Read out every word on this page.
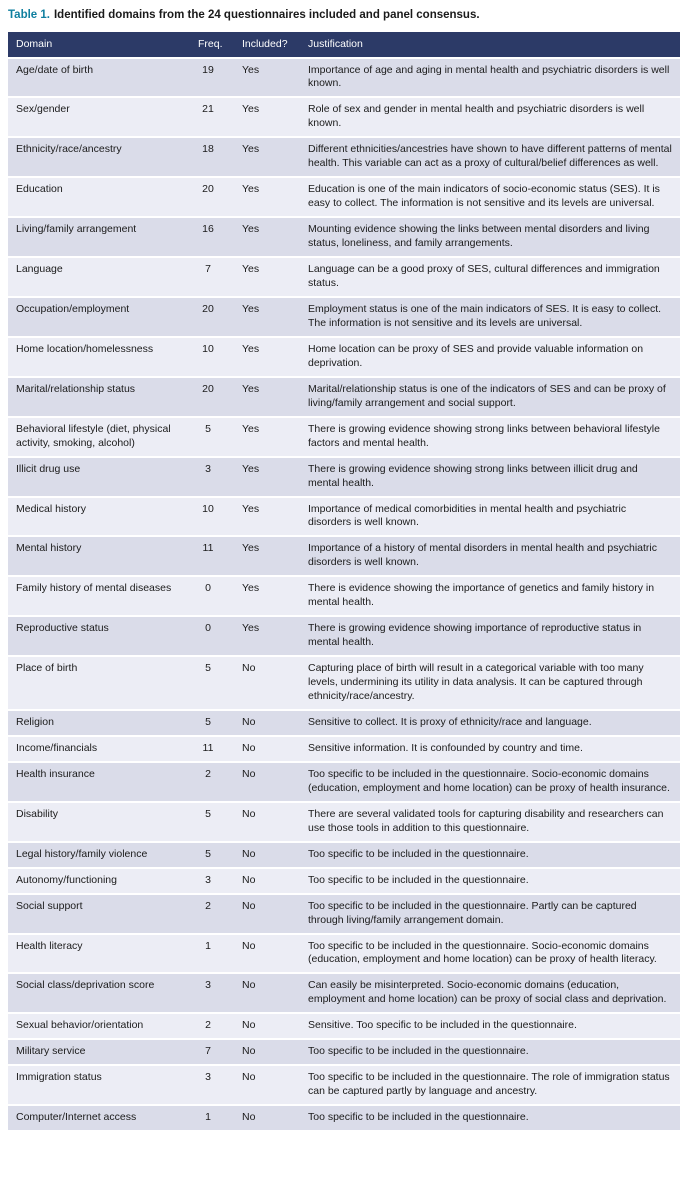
Table 1. Identified domains from the 24 questionnaires included and panel consensus.

Domain	Freq.	Included?	Justification
Age/date of birth	19	Yes	Importance of age and aging in mental health and psychiatric disorders is well known.
Sex/gender	21	Yes	Role of sex and gender in mental health and psychiatric disorders is well known.
Ethnicity/race/ancestry	18	Yes	Different ethnicities/ancestries have shown to have different patterns of mental health. This variable can act as a proxy of cultural/belief differences as well.
Education	20	Yes	Education is one of the main indicators of socio-economic status (SES). It is easy to collect. The information is not sensitive and its levels are universal.
Living/family arrangement	16	Yes	Mounting evidence showing the links between mental disorders and living status, loneliness, and family arrangements.
Language	7	Yes	Language can be a good proxy of SES, cultural differences and immigration status.
Occupation/employment	20	Yes	Employment status is one of the main indicators of SES. It is easy to collect. The information is not sensitive and its levels are universal.
Home location/homelessness	10	Yes	Home location can be proxy of SES and provide valuable information on deprivation.
Marital/relationship status	20	Yes	Marital/relationship status is one of the indicators of SES and can be proxy of living/family arrangement and social support.
Behavioral lifestyle (diet, physical activity, smoking, alcohol)	5	Yes	There is growing evidence showing strong links between behavioral lifestyle factors and mental health.
Illicit drug use	3	Yes	There is growing evidence showing strong links between illicit drug and mental health.
Medical history	10	Yes	Importance of medical comorbidities in mental health and psychiatric disorders is well known.
Mental history	11	Yes	Importance of a history of mental disorders in mental health and psychiatric disorders is well known.
Family history of mental diseases	0	Yes	There is evidence showing the importance of genetics and family history in mental health.
Reproductive status	0	Yes	There is growing evidence showing importance of reproductive status in mental health.
Place of birth	5	No	Capturing place of birth will result in a categorical variable with too many levels, undermining its utility in data analysis. It can be captured through ethnicity/race/ancestry.
Religion	5	No	Sensitive to collect. It is proxy of ethnicity/race and language.
Income/financials	11	No	Sensitive information. It is confounded by country and time.
Health insurance	2	No	Too specific to be included in the questionnaire. Socio-economic domains (education, employment and home location) can be proxy of health insurance.
Disability	5	No	There are several validated tools for capturing disability and researchers can use those tools in addition to this questionnaire.
Legal history/family violence	5	No	Too specific to be included in the questionnaire.
Autonomy/functioning	3	No	Too specific to be included in the questionnaire.
Social support	2	No	Too specific to be included in the questionnaire. Partly can be captured through living/family arrangement domain.
Health literacy	1	No	Too specific to be included in the questionnaire. Socio-economic domains (education, employment and home location) can be proxy of health literacy.
Social class/deprivation score	3	No	Can easily be misinterpreted. Socio-economic domains (education, employment and home location) can be proxy of social class and deprivation.
Sexual behavior/orientation	2	No	Sensitive. Too specific to be included in the questionnaire.
Military service	7	No	Too specific to be included in the questionnaire.
Immigration status	3	No	Too specific to be included in the questionnaire. The role of immigration status can be captured partly by language and ancestry.
Computer/Internet access	1	No	Too specific to be included in the questionnaire.
